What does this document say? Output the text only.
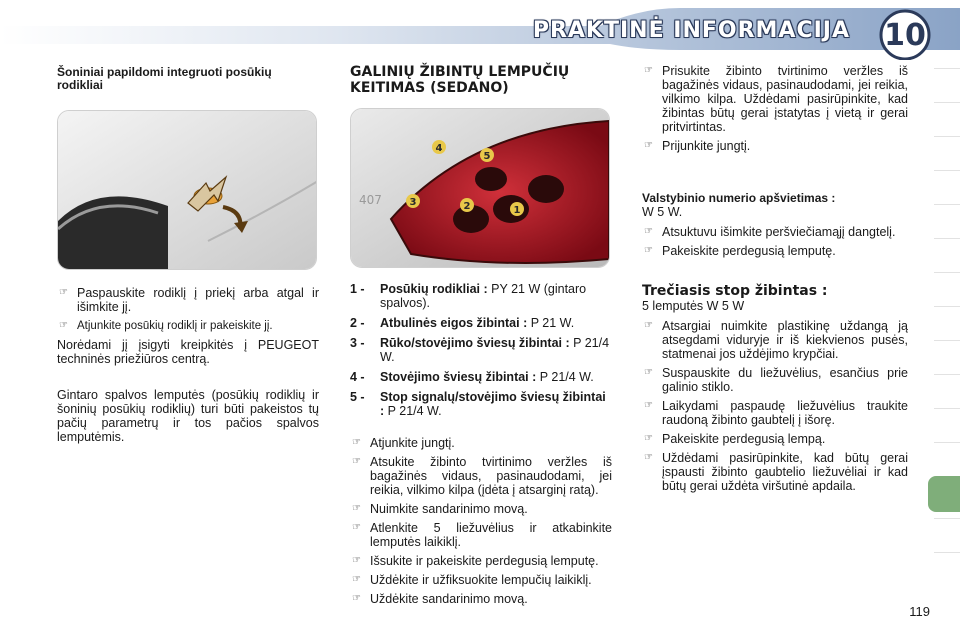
PRAKTINĖ INFORMACIJA	10
Šoniniai papildomi integruoti posūkių rodikliai
☞ Paspauskite rodiklį į priekį arba atgal ir išimkite jį.
☞ Atjunkite posūkių rodiklį ir pakeiskite jį.

Norėdami jį įsigyti kreipkitės į PEUGEOT techninės priežiūros centrą.

Gintaro spalvos lemputės (posūkių rodiklių ir šoninių posūkių rodiklių) turi būti pakeistos tų pačių parametrų ir tos pačios spalvos lemputėmis.

GALINIŲ ŽIBINTŲ LEMPUČIŲ KEITIMAS (SEDANO)
407
1
2
3
4
5
1 -	Posūkių rodikliai : PY 21 W (gintaro spalvos).
2 -	Atbulinės eigos žibintai : P 21 W.
3 -	Rūko/stovėjimo šviesų žibintai : P 21/4 W.
4 -	Stovėjimo šviesų žibintai : P 21/4 W.
5 -	Stop signalų/stovėjimo šviesų žibintai : P 21/4 W.
☞ Atjunkite jungtį.
☞ Atsukite žibinto tvirtinimo veržles iš bagažinės vidaus, pasinaudodami, jei reikia, vilkimo kilpa (įdėta į atsarginį ratą).
☞ Nuimkite sandarinimo movą.
☞ Atlenkite 5 liežuvėlius ir atkabinkite lemputės laikiklį.
☞ Išsukite ir pakeiskite perdegusią lemputę.
☞ Uždėkite ir užfiksuokite lempučių laikiklį.
☞ Uždėkite sandarinimo movą.
☞ Prisukite žibinto tvirtinimo veržles iš bagažinės vidaus, pasinaudodami, jei reikia, vilkimo kilpa. Uždėdami pasirūpinkite, kad žibintas būtų gerai įstatytas į vietą ir gerai pritvirtintas.
☞ Prijunkite jungtį.
Valstybinio numerio apšvietimas :
W 5 W.
☞ Atsuktuvu išimkite peršviečiamąjį dangtelį.
☞ Pakeiskite perdegusią lemputę.
Trečiasis stop žibintas :
5 lemputės W 5 W
☞ Atsargiai nuimkite plastikinę uždangą ją atsegdami viduryje ir iš kiekvienos pusės, statmenai jos uždėjimo krypčiai.
☞ Suspauskite du liežuvėlius, esančius prie galinio stiklo.
☞ Laikydami paspaudę liežuvėlius traukite raudoną žibinto gaubtelį į išorę.
☞ Pakeiskite perdegusią lempą.
☞ Uždėdami pasirūpinkite, kad būtų gerai įspausti žibinto gaubtelio liežuvėliai ir kad būtų gerai uždėta viršutinė apdaila.
119
